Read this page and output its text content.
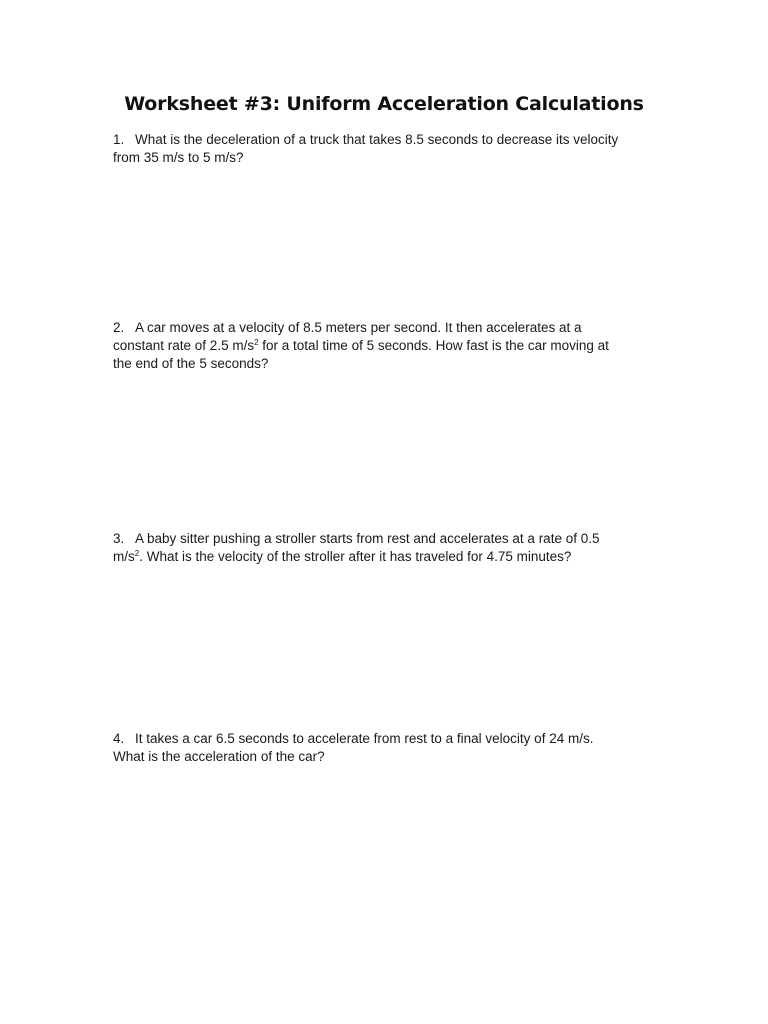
Worksheet #3: Uniform Acceleration Calculations
1. What is the deceleration of a truck that takes 8.5 seconds to decrease its velocity
from 35 m/s to 5 m/s?
2. A car moves at a velocity of 8.5 meters per second. It then accelerates at a
constant rate of 2.5 $m/s^2$ for a total time of 5 seconds. How fast is the car moving at
the end of the 5 seconds?
3. A baby sitter pushing a stroller starts from rest and accelerates at a rate of 0.5
$m/s^2$. What is the velocity of the stroller after it has traveled for 4.75 minutes?
4. It takes a car 6.5 seconds to accelerate from rest to a final velocity of 24 m/s.
What is the acceleration of the car?
